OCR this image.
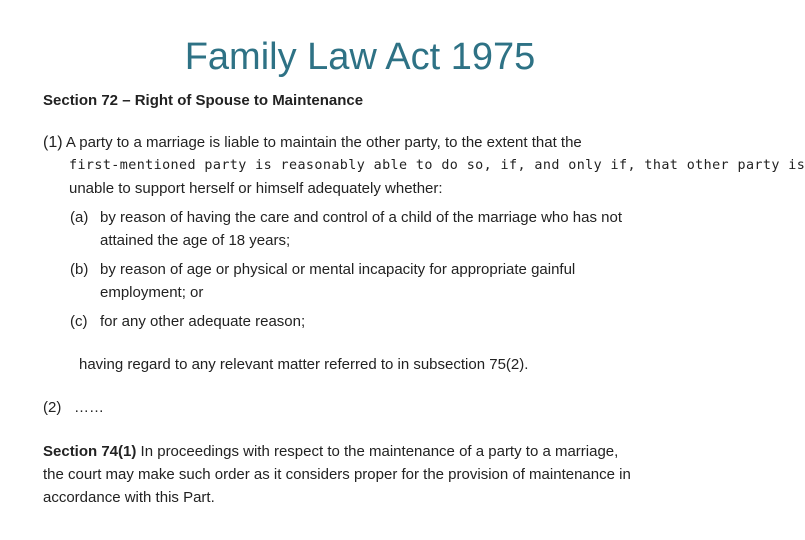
Family Law Act 1975
Section 72 – Right of Spouse to Maintenance
(1) A party to a marriage is liable to maintain the other party, to the extent that the
first-mentioned party is reasonably able to do so, if, and only if, that other party is
unable to support herself or himself adequately whether:
(a) by reason of having the care and control of a child of the marriage who has not
attained the age of 18 years;
(b) by reason of age or physical or mental incapacity for appropriate gainful
employment; or
(c) for any other adequate reason;
having regard to any relevant matter referred to in subsection 75(2).
(2) ……
Section 74(1) In proceedings with respect to the maintenance of a party to a marriage,
the court may make such order as it considers proper for the provision of maintenance in
accordance with this Part.
